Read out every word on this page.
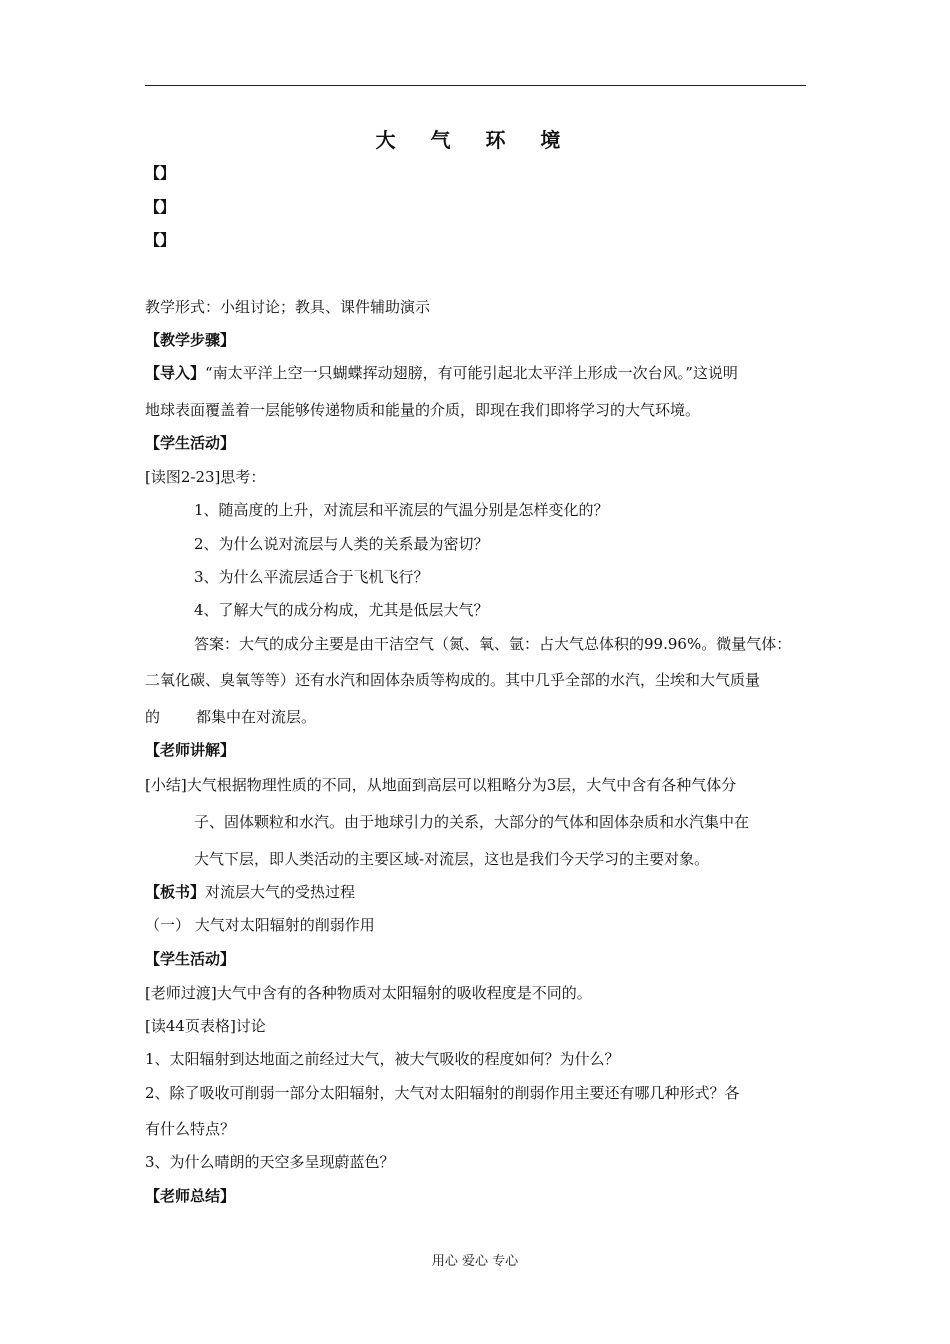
大 气 环 境
【】
【】
【】
教学形式：小组讨论；教具、课件辅助演示
【教学步骤】
【导入】“南太平洋上空一只蝴蝶挥动翅膀，有可能引起北太平洋上形成一次台风。”这说明
地球表面覆盖着一层能够传递物质和能量的介质，即现在我们即将学习的大气环境。
【学生活动】
[读图2-23]思考：
1、随高度的上升，对流层和平流层的气温分别是怎样变化的？
2、为什么说对流层与人类的关系最为密切？
3、为什么平流层适合于飞机飞行？
4、了解大气的成分构成，尤其是低层大气？
答案：大气的成分主要是由干洁空气（氮、氧、氩：占大气总体积的99.96%。微量气体：
二氧化碳、臭氧等等）还有水汽和固体杂质等构成的。其中几乎全部的水汽，尘埃和大气质量
的 都集中在对流层。
【老师讲解】
[小结]大气根据物理性质的不同，从地面到高层可以粗略分为3层，大气中含有各种气体分
子、固体颗粒和水汽。由于地球引力的关系，大部分的气体和固体杂质和水汽集中在
大气下层，即人类活动的主要区域-对流层，这也是我们今天学习的主要对象。
【板书】对流层大气的受热过程
（一） 大气对太阳辐射的削弱作用
【学生活动】
[老师过渡]大气中含有的各种物质对太阳辐射的吸收程度是不同的。
[读44页表格]讨论
1、太阳辐射到达地面之前经过大气，被大气吸收的程度如何？为什么？
2、除了吸收可削弱一部分太阳辐射，大气对太阳辐射的削弱作用主要还有哪几种形式？各
有什么特点？
3、为什么晴朗的天空多呈现蔚蓝色？
【老师总结】
用心 爱心 专心
